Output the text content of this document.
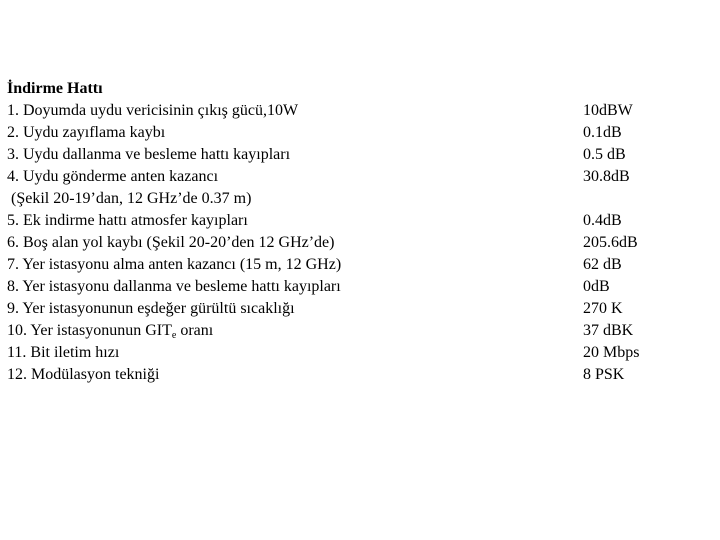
İndirme Hattı
1. Doyumda uydu vericisinin çıkış gücü,10W	10dBW
2. Uydu zayıflama kaybı	0.1dB
3. Uydu dallanma ve besleme hattı kayıpları	0.5 dB
4. Uydu gönderme anten kazancı	30.8dB
(Şekil 20-19’dan, 12 GHz’de 0.37 m)
5. Ek indirme hattı atmosfer kayıpları	0.4dB
6. Boş alan yol kaybı (Şekil 20-20’den 12 GHz’de)	205.6dB
7. Yer istasyonu alma anten kazancı (15 m, 12 GHz)	62 dB
8. Yer istasyonu dallanma ve besleme hattı kayıpları	0dB
9. Yer istasyonunun eşdeğer gürültü sıcaklığı	270 K
10. Yer istasyonunun $GIT_e$ oranı	37 dBK
11. Bit iletim hızı	20 Mbps
12. Modülasyon tekniği	8 PSK
